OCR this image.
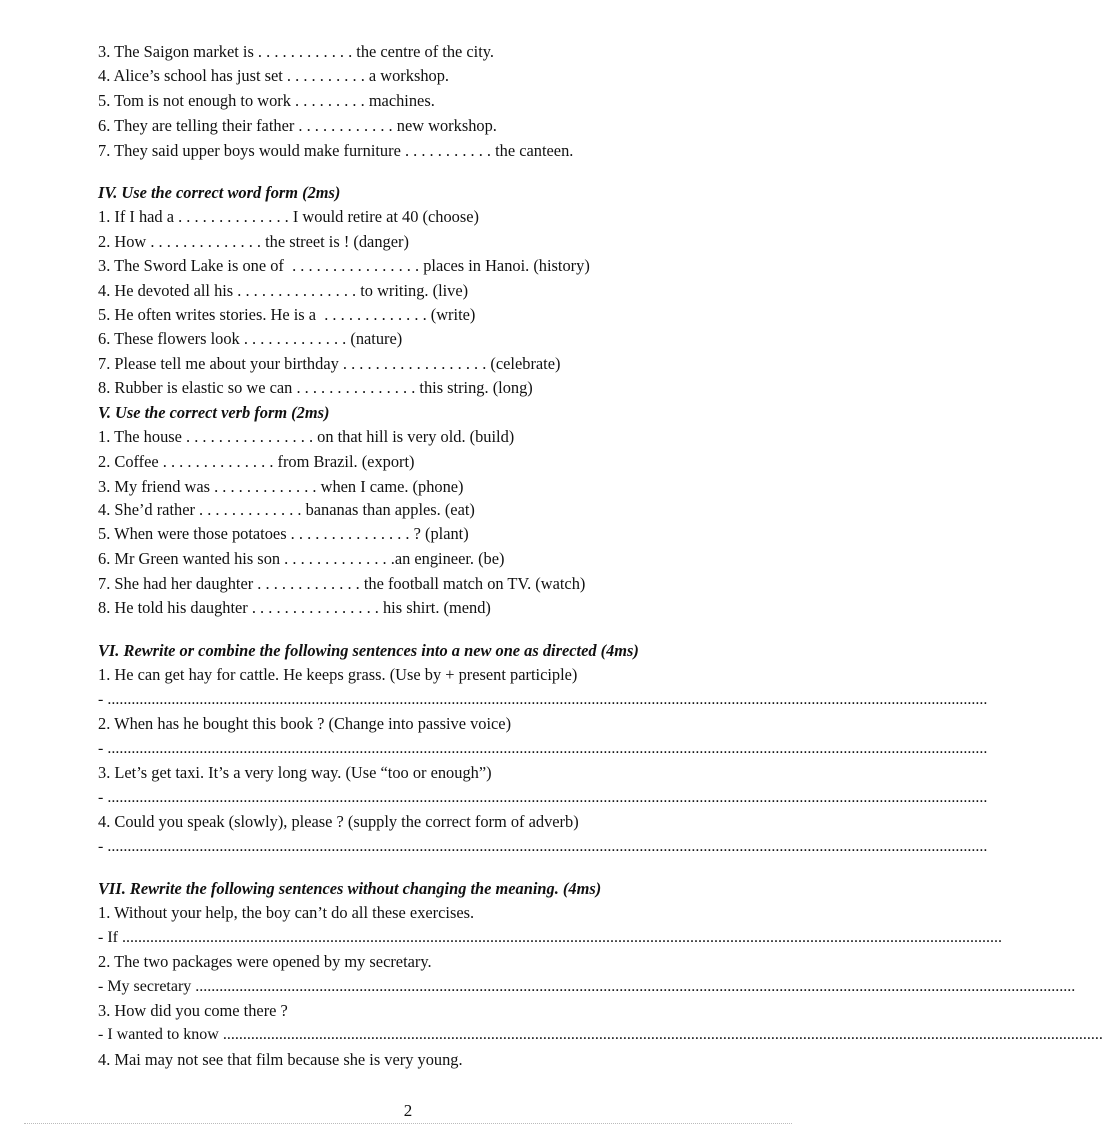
3. The Saigon market is . . . . . . . . . . . . the centre of the city.
4. Alice’s school has just set . . . . . . . . . . a workshop.
5. Tom is not enough to work . . . . . . . . . machines.
6. They are telling their father . . . . . . . . . . . . new workshop.
7. They said upper boys would make furniture . . . . . . . . . . . the canteen.
IV. Use the correct word form (2ms)
1. If I had a . . . . . . . . . . . . . . I would retire at 40 (choose)
2. How . . . . . . . . . . . . . . the street is ! (danger)
3. The Sword Lake is one of  . . . . . . . . . . . . . . . . places in Hanoi. (history)
4. He devoted all his . . . . . . . . . . . . . . . to writing. (live)
5. He often writes stories. He is a  . . . . . . . . . . . . . (write)
6. These flowers look . . . . . . . . . . . . . (nature)
7. Please tell me about your birthday . . . . . . . . . . . . . . . . . . (celebrate)
8. Rubber is elastic so we can . . . . . . . . . . . . . . . this string. (long)
V. Use the correct verb form (2ms)
1. The house . . . . . . . . . . . . . . . . on that hill is very old. (build)
2. Coffee . . . . . . . . . . . . . . from Brazil. (export)
3. My friend was . . . . . . . . . . . . . when I came. (phone)
4. She’d rather . . . . . . . . . . . . . bananas than apples. (eat)
5. When were those potatoes . . . . . . . . . . . . . . . ? (plant)
6. Mr Green wanted his son . . . . . . . . . . . . . .an engineer. (be)
7. She had her daughter . . . . . . . . . . . . . the football match on TV. (watch)
8. He told his daughter . . . . . . . . . . . . . . . . his shirt. (mend)
VI. Rewrite or combine the following sentences into a new one as directed (4ms)
1. He can get hay for cattle. He keeps grass. (Use by + present participle)
- ............................................................................................................................................................................................................................
2. When has he bought this book ? (Change into passive voice)
- ............................................................................................................................................................................................................................
3. Let’s get taxi. It’s a very long way. (Use “too or enough”)
- ............................................................................................................................................................................................................................
4. Could you speak (slowly), please ? (supply the correct form of adverb)
- ............................................................................................................................................................................................................................
VII. Rewrite the following sentences without changing the meaning. (4ms)
1. Without your help, the boy can’t do all these exercises.
- If ............................................................................................................................................................................................................................
2. The two packages were opened by my secretary.
- My secretary ............................................................................................................................................................................................................................
3. How did you come there ?
- I wanted to know ............................................................................................................................................................................................................................
4. Mai may not see that film because she is very young.
2
